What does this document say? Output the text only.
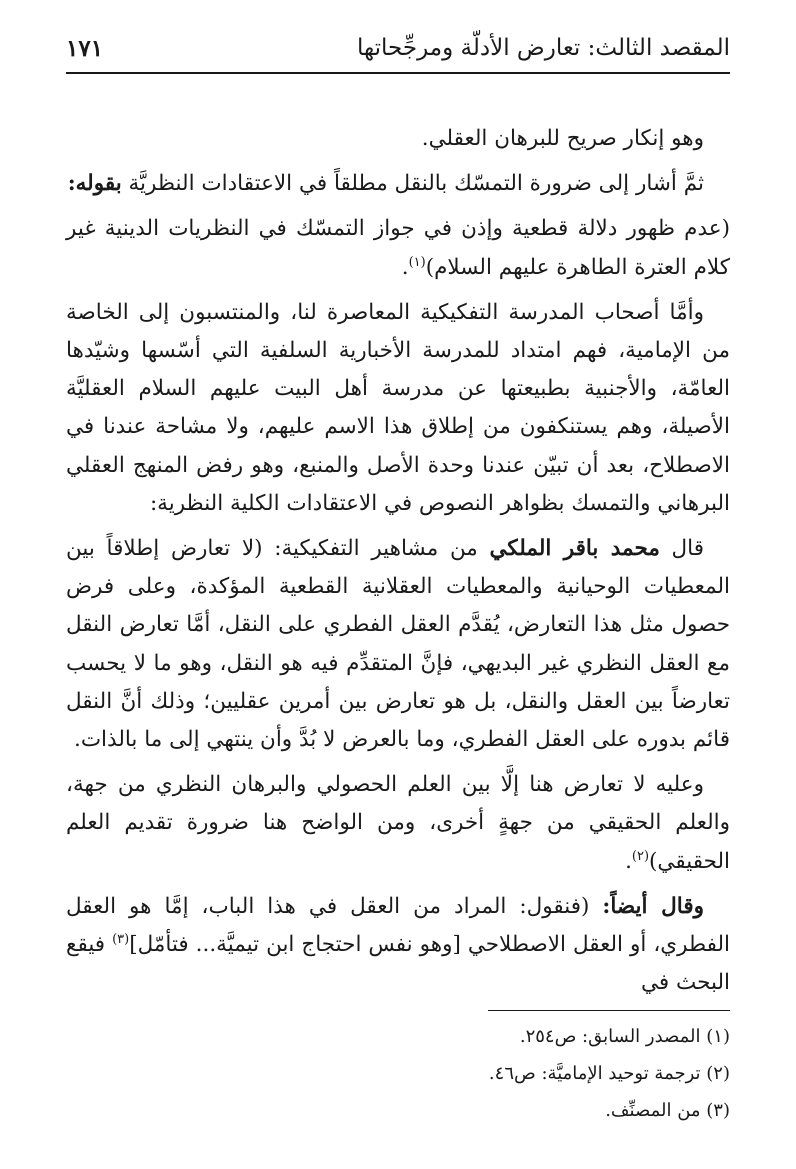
المقصد الثالث: تعارض الأدلّة ومرجِّحاتها
١٧١

وهو إنكار صريح للبرهان العقلي.

ثمَّ أشار إلى ضرورة التمسّك بالنقل مطلقاً في الاعتقادات النظريَّة بقوله:

(عدم ظهور دلالة قطعية وإذن في جواز التمسّك في النظريات الدينية غير كلام العترة الطاهرة عليهم السلام)$^{(١)}$.

وأمَّا أصحاب المدرسة التفكيكية المعاصرة لنا، والمنتسبون إلى الخاصة من الإمامية، فهم امتداد للمدرسة الأخبارية السلفية التي أسّسها وشيّدها العامّة، والأجنبية بطبيعتها عن مدرسة أهل البيت عليهم السلام العقليَّة الأصيلة، وهم يستنكفون من إطلاق هذا الاسم عليهم، ولا مشاحة عندنا في الاصطلاح، بعد أن تبيّن عندنا وحدة الأصل والمنبع، وهو رفض المنهج العقلي البرهاني والتمسك بظواهر النصوص في الاعتقادات الكلية النظرية:

قال محمد باقر الملكي من مشاهير التفكيكية: (لا تعارض إطلاقاً بين المعطيات الوحيانية والمعطيات العقلانية القطعية المؤكدة، وعلى فرض حصول مثل هذا التعارض، يُقدَّم العقل الفطري على النقل، أمَّا تعارض النقل مع العقل النظري غير البديهي، فإنَّ المتقدِّم فيه هو النقل، وهو ما لا يحسب تعارضاً بين العقل والنقل، بل هو تعارض بين أمرين عقليين؛ وذلك أنَّ النقل قائم بدوره على العقل الفطري، وما بالعرض لا بُدَّ وأن ينتهي إلى ما بالذات.

وعليه لا تعارض هنا إلَّا بين العلم الحصولي والبرهان النظري من جهة، والعلم الحقيقي من جهةٍ أخرى، ومن الواضح هنا ضرورة تقديم العلم الحقيقي)$^{(٢)}$.

وقال أيضاً: (فنقول: المراد من العقل في هذا الباب، إمَّا هو العقل الفطري، أو العقل الاصطلاحي [وهو نفس احتجاج ابن تيميَّة... فتأمّل]$^{(٣)}$ فيقع البحث في

(١) المصدر السابق: ص٢٥٤.

(٢) ترجمة توحيد الإماميَّة: ص٤٦.

(٣) من المصنِّف.
